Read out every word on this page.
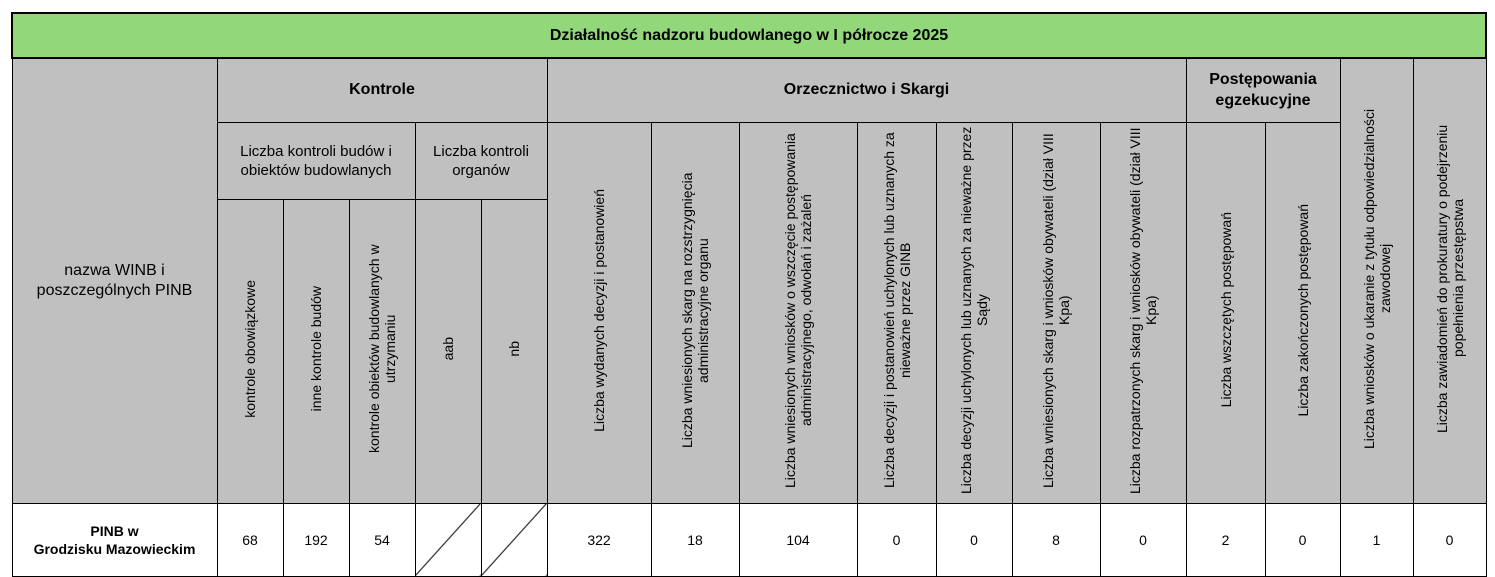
Działalność nadzoru budowlanego w I półrocze 2025																

nazwa WINB i poszczególnych PINB	Kontrole					Orzecznictwo i Skargi							Postępowania egzekucyjne		Liczba wniosków o ukaranie z tytułu odpowiedzialności zawodowej	Liczba zawiadomień do prokuratury o podejrzeniu popełnienia przestępstwa

	Liczba kontroli budów i obiektów budowlanych			Liczba kontroli organów		Liczba wydanych decyzji i postanowień	Liczba wniesionych skarg na rozstrzygnięcia administracyjne organu	Liczba wniesionych wniosków o wszczęcie postępowania administracyjnego, odwołań i zażaleń	Liczba decyzji i postanowień uchylonych lub uznanych za nieważne przez GINB	Liczba decyzji uchylonych lub uznanych za nieważne przez Sądy	Liczba wniesionych skarg i wniosków obywateli (dział VIII Kpa)	Liczba rozpatrzonych skarg i wniosków obywateli (dział VIII Kpa)	Liczba wszczętych postępowań	Liczba zakończonych postępowań		
	kontrole obowiązkowe	inne kontrole budów	kontrole obiektów budowlanych w utrzymaniu	aab	nb											

PINB w
Grodzisku Mazowieckim	68	192	54			322	18	104	0	0	8	0	2	0	1	0
